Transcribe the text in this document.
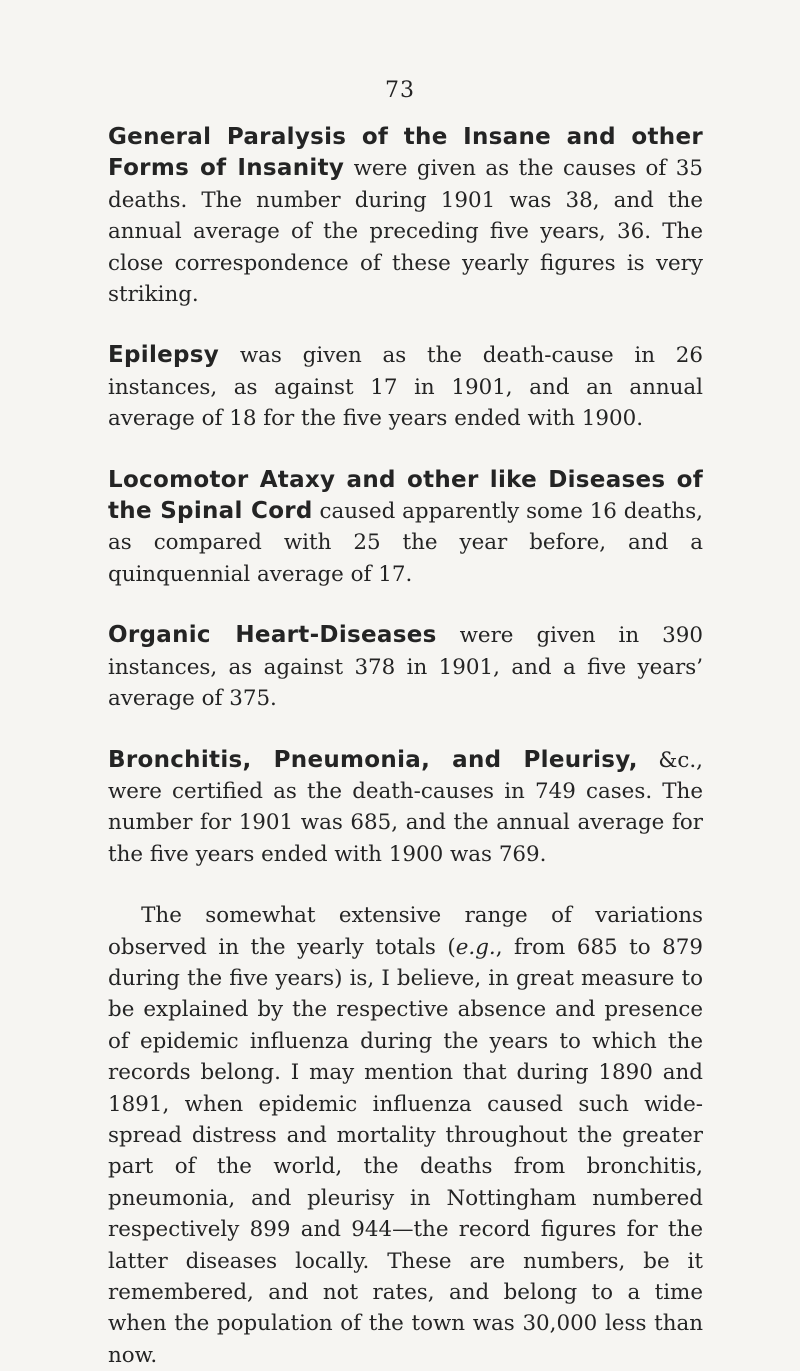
73

General Paralysis of the Insane and other Forms of Insanity were given as the causes of 35 deaths. The number during 1901 was 38, and the annual average of the preceding five years, 36. The close correspondence of these yearly figures is very striking.

Epilepsy was given as the death-cause in 26 instances, as against 17 in 1901, and an annual average of 18 for the five years ended with 1900.

Locomotor Ataxy and other like Diseases of the Spinal Cord caused apparently some 16 deaths, as compared with 25 the year before, and a quinquennial average of 17.

Organic Heart-Diseases were given in 390 instances, as against 378 in 1901, and a five years’ average of 375.

Bronchitis, Pneumonia, and Pleurisy, &c., were certified as the death-causes in 749 cases. The number for 1901 was 685, and the annual average for the five years ended with 1900 was 769.

The somewhat extensive range of variations observed in the yearly totals (e.g., from 685 to 879 during the five years) is, I believe, in great measure to be explained by the respective absence and presence of epidemic influenza during the years to which the records belong. I may mention that during 1890 and 1891, when epidemic influenza caused such wide-spread distress and mortality throughout the greater part of the world, the deaths from bronchitis, pneumonia, and pleurisy in Nottingham numbered respectively 899 and 944—the record figures for the latter diseases locally. These are numbers, be it remembered, and not rates, and belong to a time when the population of the town was 30,000 less than now.
